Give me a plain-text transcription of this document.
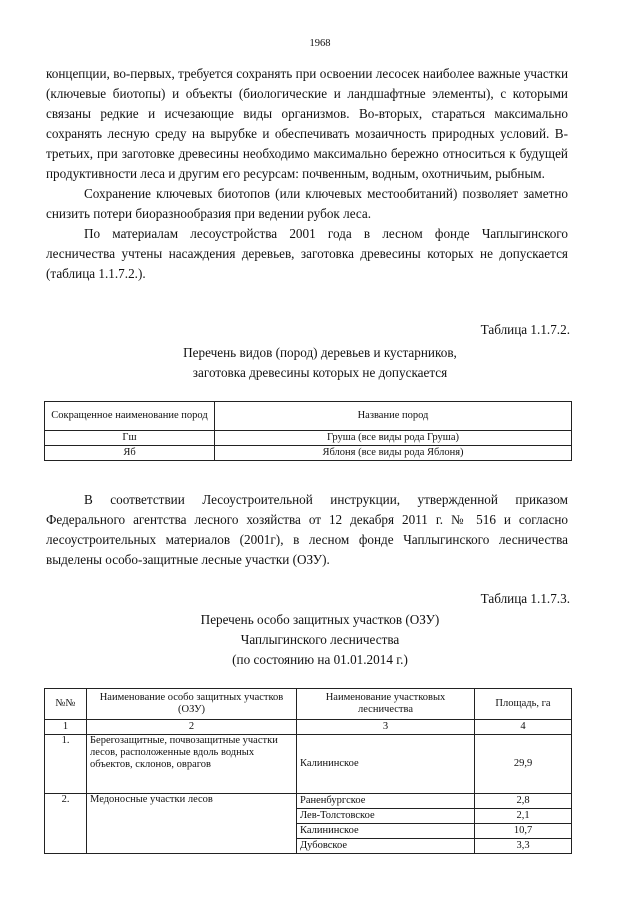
1968

концепции, во-первых, требуется сохранять при освоении лесосек наиболее важные участки (ключевые биотопы) и объекты (биологические и ландшафтные элементы), с которыми связаны редкие и исчезающие виды организмов. Во-вторых, стараться максимально сохранять лесную среду на вырубке и обеспечивать мозаичность природных условий. В-третьих, при заготовке древесины необходимо максимально бережно относиться к будущей продуктивности леса и другим его ресурсам: почвенным, водным, охотничьим, рыбным.

Сохранение ключевых биотопов (или ключевых местообитаний) позволяет заметно снизить потери биоразнообразия при ведении рубок леса.

По материалам лесоустройства 2001 года в лесном фонде Чаплыгинского лесничества учтены насаждения деревьев, заготовка древесины которых не допускается (таблица 1.1.7.2.).

Таблица 1.1.7.2.
Перечень видов (пород) деревьев и кустарников,
заготовка древесины которых не допускается
Сокращенное наименование пород	Название пород
Гш	Груша (все виды рода Груша)
Яб	Яблоня (все виды рода Яблоня)

В соответствии Лесоустроительной инструкции, утвержденной приказом Федерального агентства лесного хозяйства от 12 декабря 2011 г. № 516 и согласно лесоустроительных материалов (2001г), в лесном фонде Чаплыгинского лесничества выделены особо-защитные лесные участки (ОЗУ).

Таблица 1.1.7.3.
Перечень особо защитных участков (ОЗУ)
Чаплыгинского лесничества
(по состоянию на 01.01.2014 г.)
№№	Наименование особо защитных участков (ОЗУ)	Наименование участковых лесничества	Площадь, га
1	2	3	4
1.	Берегозащитные, почвозащитные участки лесов, расположенные вдоль водных объектов, склонов, оврагов	Калининское	29,9
2.	Медоносные участки лесов	Раненбургское	2,8
		Лев-Толстовское	2,1
		Калининское	10,7
		Дубовское	3,3
